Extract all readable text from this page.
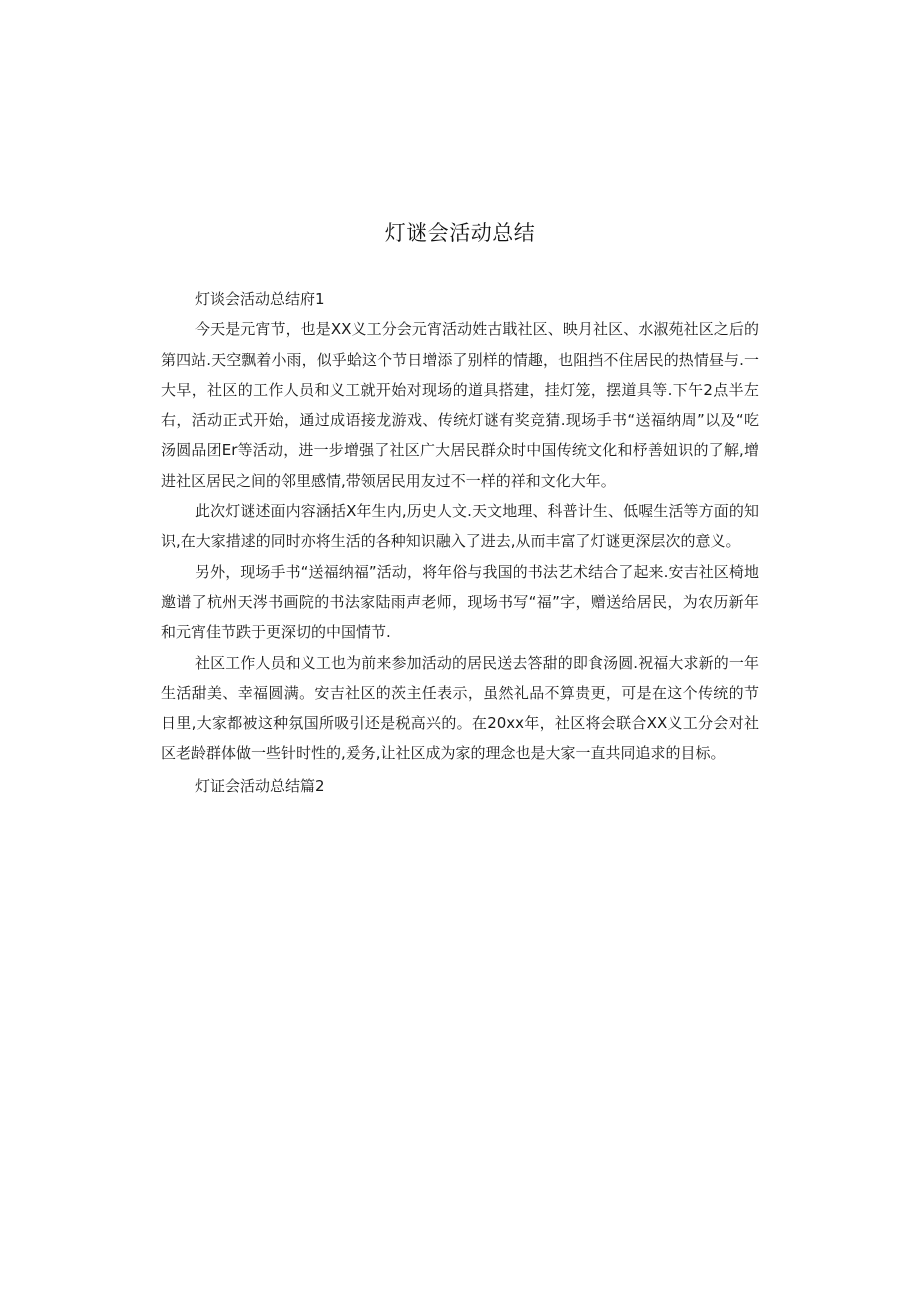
灯谜会活动总结

灯谈会活动总结府1

今天是元宵节，也是XX义工分会元宵活动姓古戢社区、映月社区、水淑苑社区之后的第四站.天空飘着小雨，似乎蛤这个节日增添了别样的情趣，也阻挡不住居民的热情昼与.一大早，社区的工作人员和义工就开始对现场的道具搭建，挂灯笼，摆道具等.下午2点半左右，活动正式开始，通过成语接龙游戏、传统灯谜有奖竞猜.现场手书“送福纳周”以及“吃汤圆品团Er等活动，进一步增强了社区广大居民群众时中国传统文化和杼善妞识的了解,增进社区居民之间的邻里感情,带领居民用友过不一样的祥和文化大年。

此次灯谜述面内容涵括X年生内,历史人文.天文地理、科普计生、低喔生活等方面的知识,在大家措逑的同时亦将生活的各种知识融入了进去,从而丰富了灯谜更深层次的意义。

另外，现场手书“送福纳福”活动，将年俗与我国的书法艺术结合了起来.安吉社区椅地邀谱了杭州天涔书画院的书法家陆雨声老师，现场书写“福”字，赠送给居民，为农历新年和元宵佳节跌于更深切的中国情节.

社区工作人员和义工也为前来参加活动的居民送去答甜的即食汤圆.祝福大求新的一年生活甜美、幸福圆满。安吉社区的茨主任表示，虽然礼品不算贵更，可是在这个传统的节日里,大家都被这种氛国所吸引还是税高兴的。在20xx年，社区将会联合XX义工分会对社区老龄群体做一些针时性的,爰务,让社区成为家的理念也是大家一直共同追求的目标。

灯证会活动总结篇2
